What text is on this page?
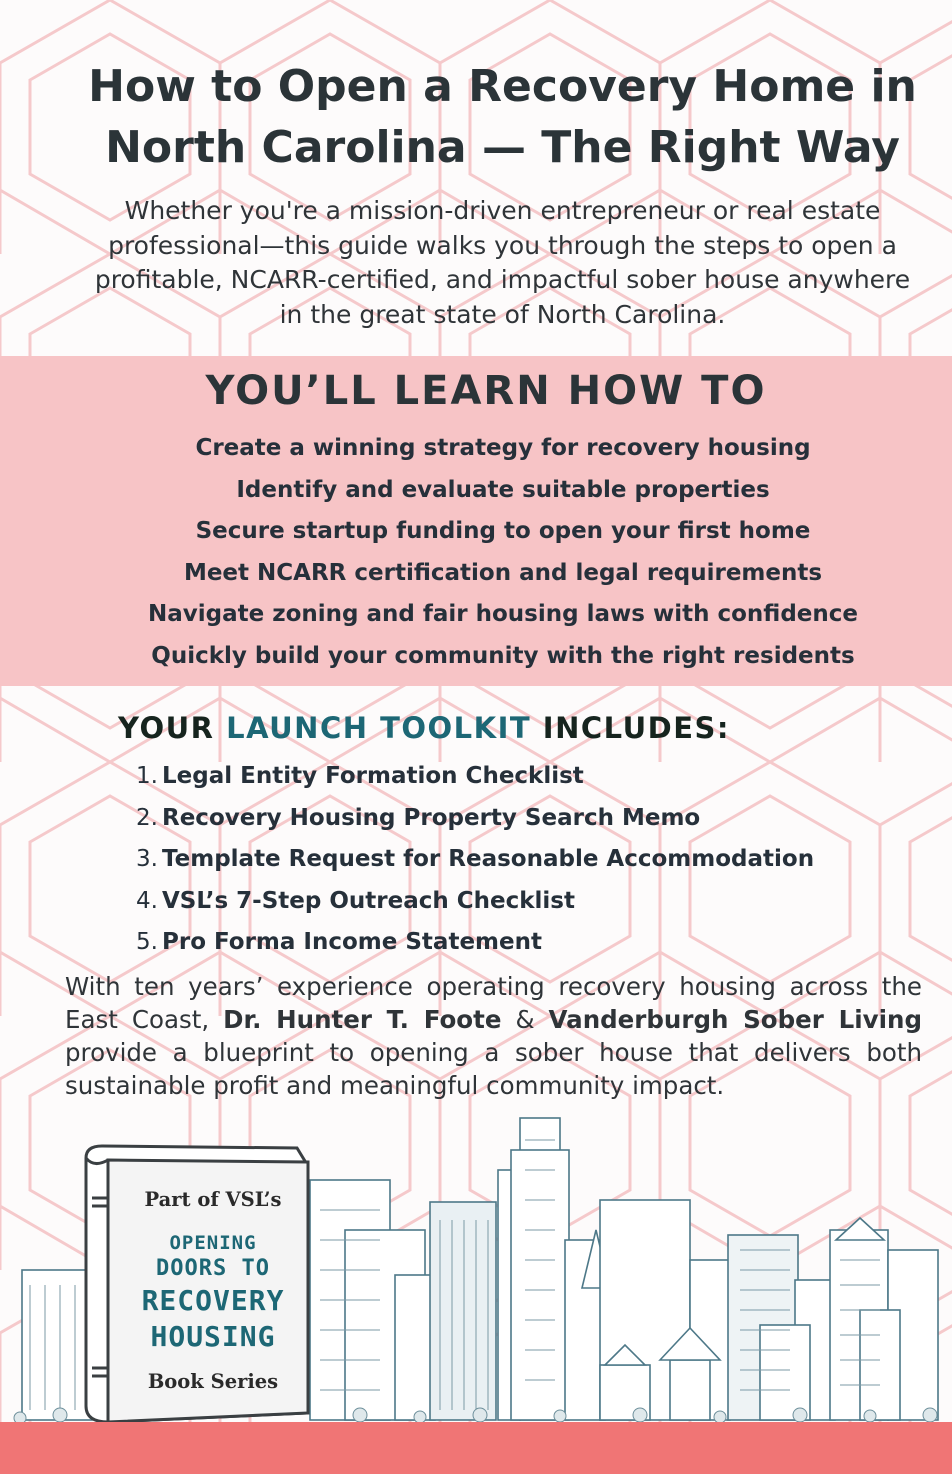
How to Open a Recovery Home in
North Carolina — The Right Way
Whether you're a mission-driven entrepreneur or real estate professional—this guide walks you through the steps to open a profitable, NCARR-certified, and impactful sober house anywhere in the great state of North Carolina.
YOU’LL LEARN HOW TO
Create a winning strategy for recovery housing
Identify and evaluate suitable properties
Secure startup funding to open your first home
Meet NCARR certification and legal requirements
Navigate zoning and fair housing laws with confidence
Quickly build your community with the right residents
YOUR LAUNCH TOOLKIT INCLUDES:
1. Legal Entity Formation Checklist
2. Recovery Housing Property Search Memo
3. Template Request for Reasonable Accommodation
4. VSL’s 7-Step Outreach Checklist
5. Pro Forma Income Statement
With ten years’ experience operating recovery housing across the East Coast, Dr. Hunter T. Foote & Vanderburgh Sober Living provide a blueprint to opening a sober house that delivers both sustainable profit and meaningful community impact.
Part of VSL’s
OPENING
DOORS TO
RECOVERY
HOUSING
Book Series
